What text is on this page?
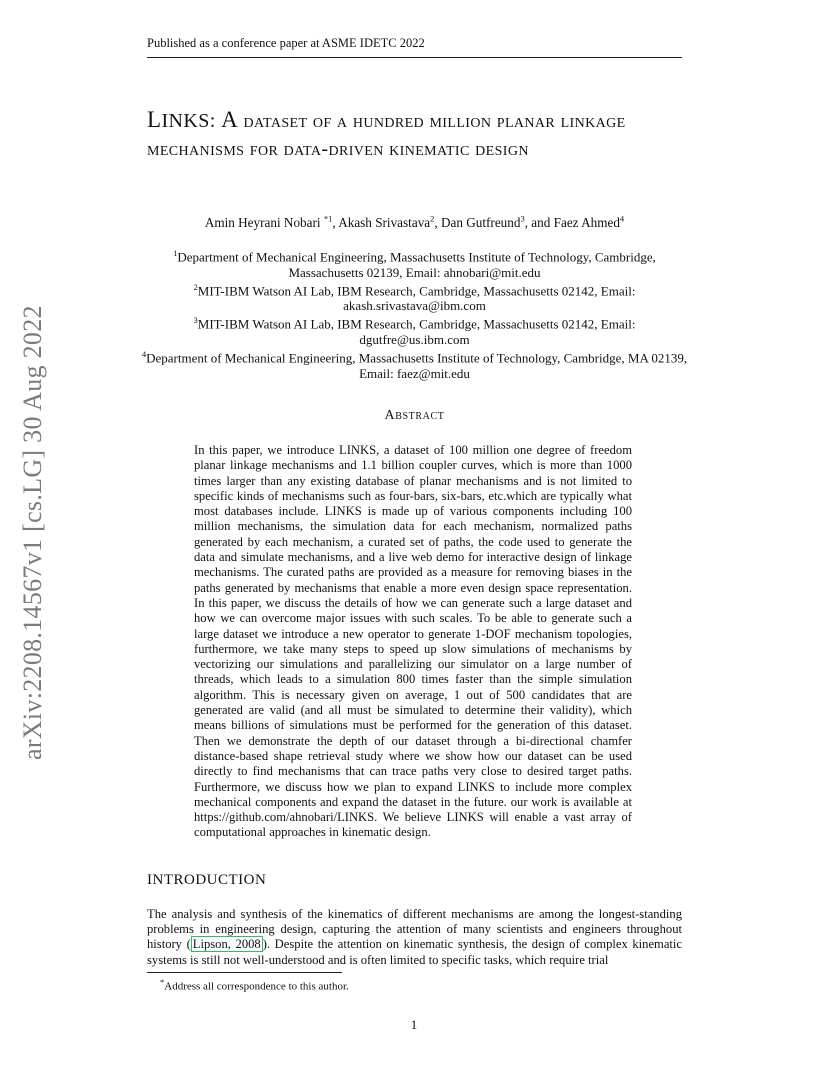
Published as a conference paper at ASME IDETC 2022
arXiv:2208.14567v1 [cs.LG] 30 Aug 2022
LINKS: A dataset of a hundred million planar linkage mechanisms for data-driven kinematic design
Amin Heyrani Nobari $^{*1}$, Akash Srivastava$^2$, Dan Gutfreund$^3$, and Faez Ahmed$^4$

$^1$Department of Mechanical Engineering, Massachusetts Institute of Technology, Cambridge, Massachusetts 02139, Email: ahnobari@mit.edu

$^2$MIT-IBM Watson AI Lab, IBM Research, Cambridge, Massachusetts 02142, Email: akash.srivastava@ibm.com

$^3$MIT-IBM Watson AI Lab, IBM Research, Cambridge, Massachusetts 02142, Email: dgutfre@us.ibm.com

$^4$Department of Mechanical Engineering, Massachusetts Institute of Technology, Cambridge, MA 02139, Email: faez@mit.edu

Abstract
In this paper, we introduce LINKS, a dataset of 100 million one degree of freedom planar linkage mechanisms and 1.1 billion coupler curves, which is more than 1000 times larger than any existing database of planar mechanisms and is not limited to specific kinds of mechanisms such as four-bars, six-bars, etc.which are typically what most databases include. LINKS is made up of various components including 100 million mechanisms, the simulation data for each mechanism, normalized paths generated by each mechanism, a curated set of paths, the code used to generate the data and simulate mechanisms, and a live web demo for interactive design of linkage mechanisms. The curated paths are provided as a measure for removing biases in the paths generated by mechanisms that enable a more even design space representation. In this paper, we discuss the details of how we can generate such a large dataset and how we can overcome major issues with such scales. To be able to generate such a large dataset we introduce a new operator to generate 1-DOF mechanism topologies, furthermore, we take many steps to speed up slow simulations of mechanisms by vectorizing our simulations and parallelizing our simulator on a large number of threads, which leads to a simulation 800 times faster than the simple simulation algorithm. This is necessary given on average, 1 out of 500 candidates that are generated are valid (and all must be simulated to determine their validity), which means billions of simulations must be performed for the generation of this dataset. Then we demonstrate the depth of our dataset through a bi-directional chamfer distance-based shape retrieval study where we show how our dataset can be used directly to find mechanisms that can trace paths very close to desired target paths. Furthermore, we discuss how we plan to expand LINKS to include more complex mechanical components and expand the dataset in the future. our work is available at https://github.com/ahnobari/LINKS. We believe LINKS will enable a vast array of computational approaches in kinematic design.
INTRODUCTION
The analysis and synthesis of the kinematics of different mechanisms are among the longest-standing problems in engineering design, capturing the attention of many scientists and engineers throughout history ( Lipson, 2008 ). Despite the attention on kinematic synthesis, the design of complex kinematic systems is still not well-understood and is often limited to specific tasks, which require trial
*Address all correspondence to this author.
1
